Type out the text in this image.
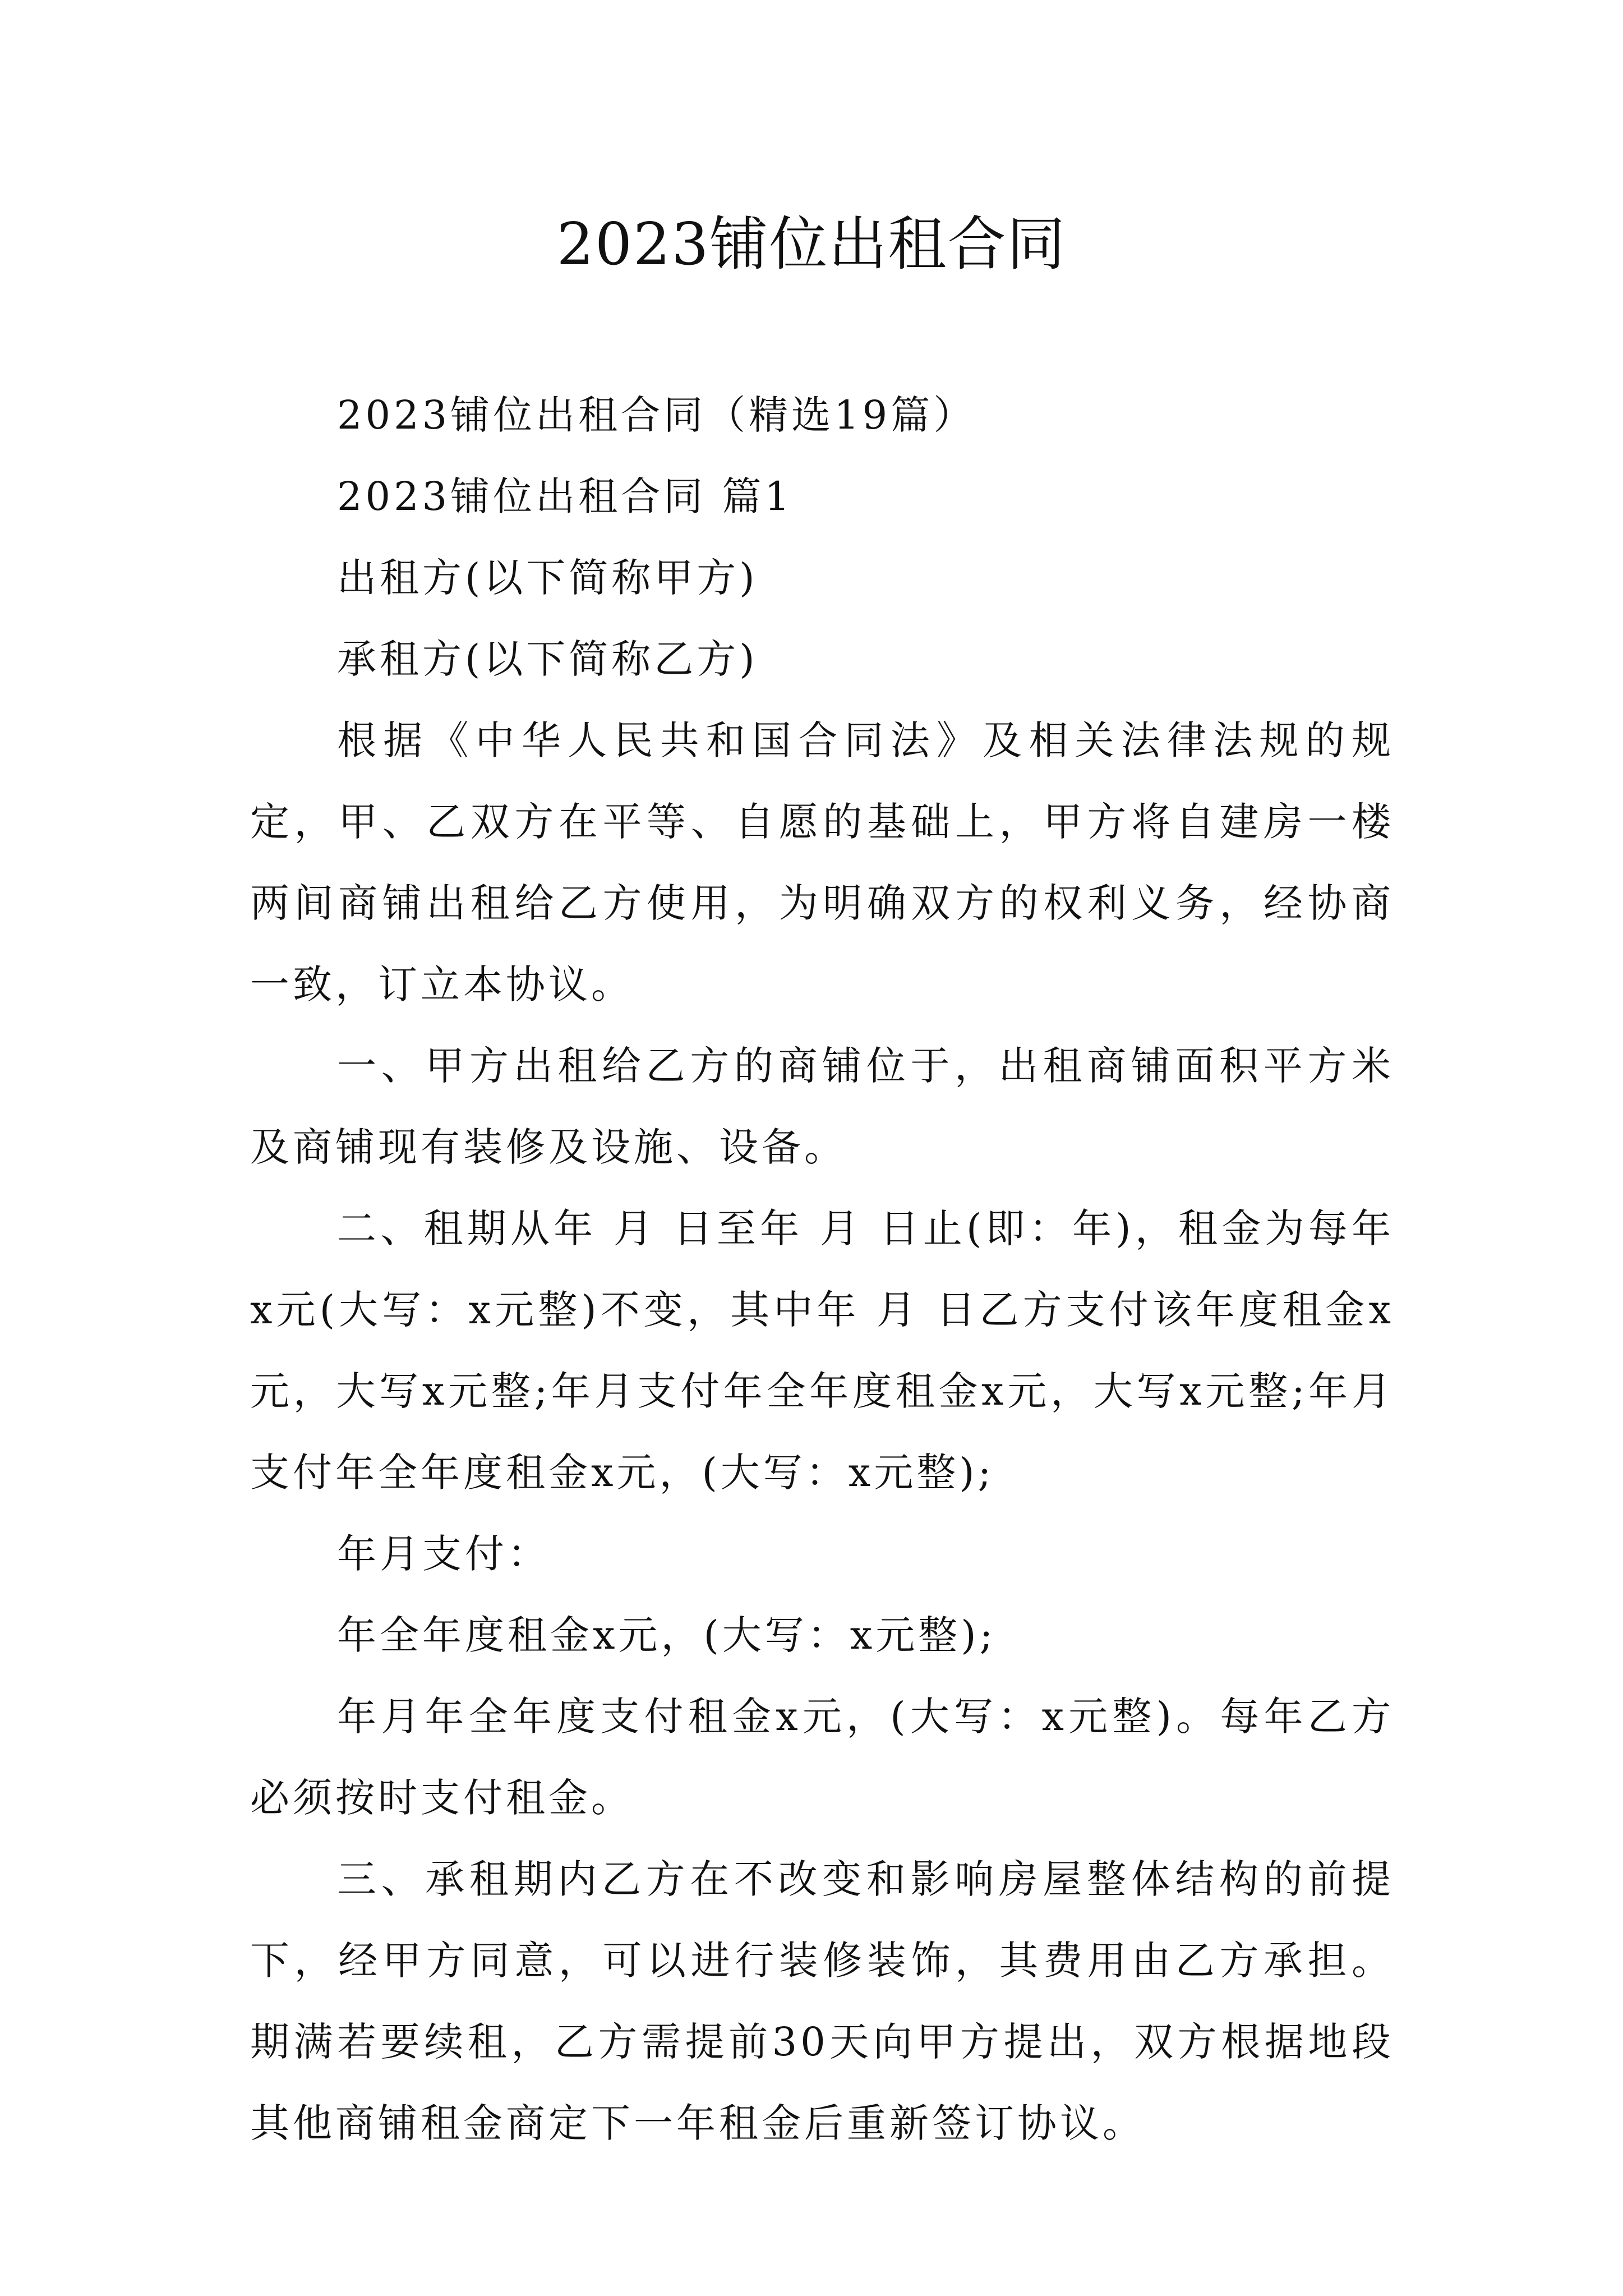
2023铺位出租合同

2023铺位出租合同（精选19篇）

2023铺位出租合同 篇1

出租方(以下简称甲方)

承租方(以下简称乙方)

根据《中华人民共和国合同法》及相关法律法规的规定，甲、乙双方在平等、自愿的基础上，甲方将自建房一楼两间商铺出租给乙方使用，为明确双方的权利义务，经协商一致，订立本协议。

一、甲方出租给乙方的商铺位于，出租商铺面积平方米及商铺现有装修及设施、设备。

二、租期从年 月 日至年 月 日止(即：年)，租金为每年x元(大写：x元整)不变，其中年 月 日乙方支付该年度租金x元，大写x元整;年月支付年全年度租金x元，大写x元整;年月支付年全年度租金x元，(大写：x元整);

年月支付：

年全年度租金x元，(大写：x元整);

年月年全年度支付租金x元，(大写：x元整)。每年乙方必须按时支付租金。

三、承租期内乙方在不改变和影响房屋整体结构的前提下，经甲方同意，可以进行装修装饰，其费用由乙方承担。期满若要续租，乙方需提前30天向甲方提出，双方根据地段其他商铺租金商定下一年租金后重新签订协议。
